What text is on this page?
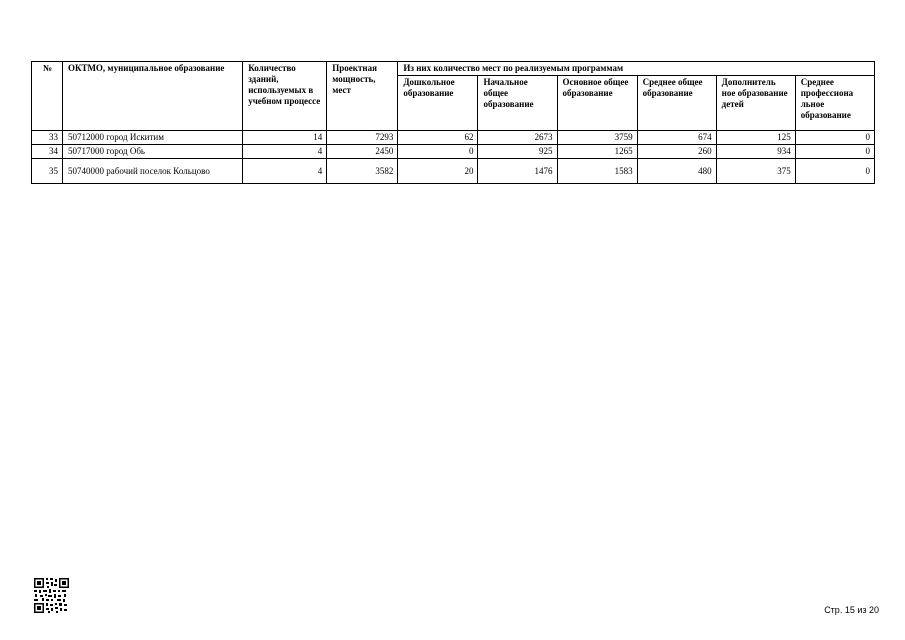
№	ОКТМО, муниципальное образование	Количество зданий, используемых в учебном процессе	Проектная мощность, мест	Из них количество мест по реализуемым программам					
				Дошкольное образование	Начальное общее образование	Основное общее образование	Среднее общее образование	Дополнитель ное образование детей	Среднее профессиона льное образование
33	50712000 город Искитим	14	7293	62	2673	3759	674	125	0
34	50717000 город Обь	4	2450	0	925	1265	260	934	0
35	50740000 рабочий поселок Кольцово	4	3582	20	1476	1583	480	375	0
Стр. 15 из 20
